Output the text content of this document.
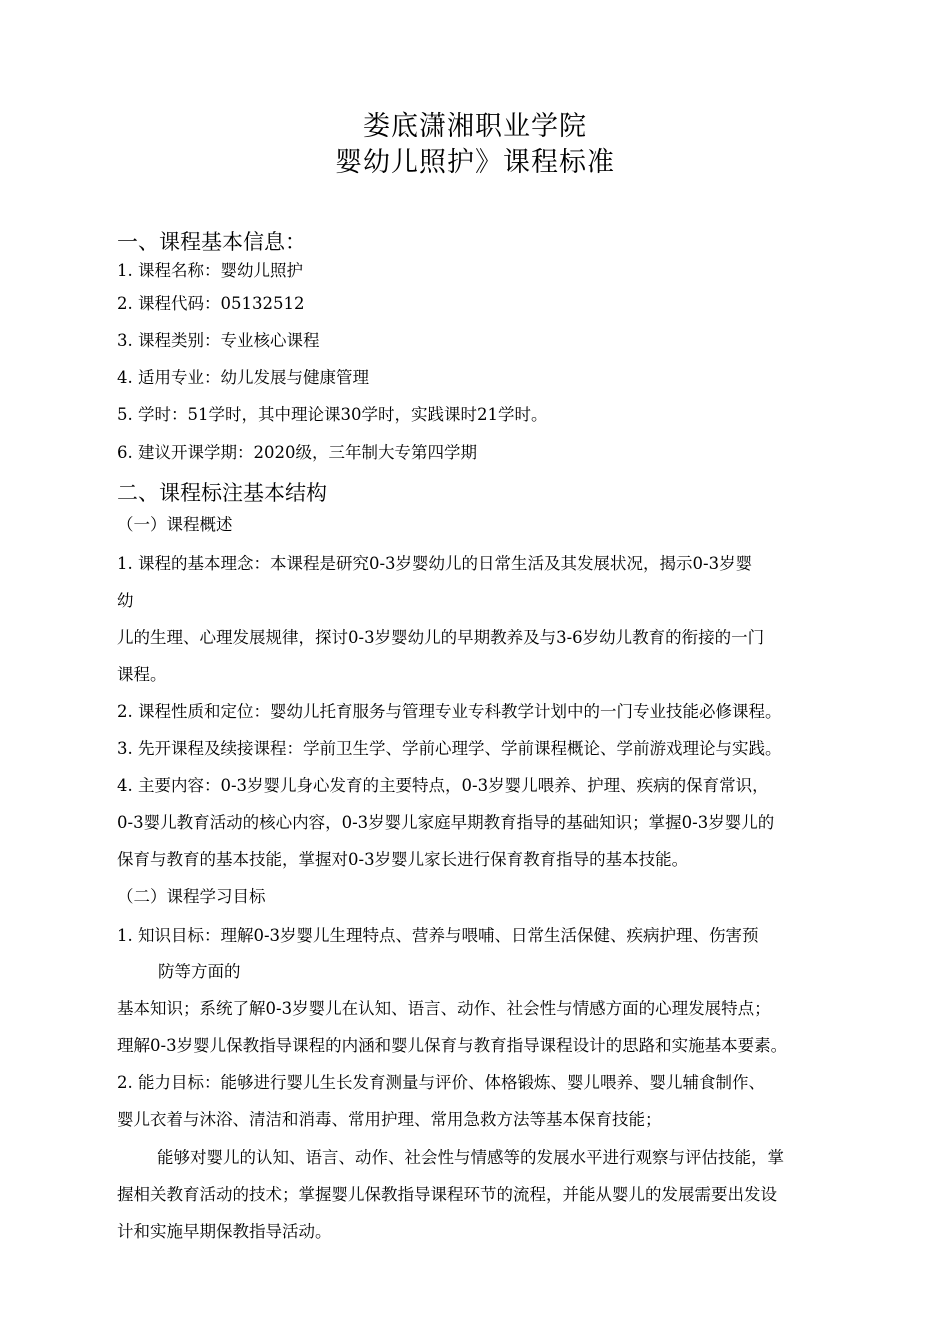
娄底潇湘职业学院
婴幼儿照护》课程标准
一、课程基本信息：
1. 课程名称：婴幼儿照护
2. 课程代码：05132512
3. 课程类别：专业核心课程
4. 适用专业：幼儿发展与健康管理
5. 学时：51学时，其中理论课30学时，实践课时21学时。
6. 建议开课学期：2020级，三年制大专第四学期
二、课程标注基本结构
（一）课程概述
1. 课程的基本理念：本课程是研究0-3岁婴幼儿的日常生活及其发展状况，揭示0-3岁婴
幼
儿的生理、心理发展规律，探讨0-3岁婴幼儿的早期教养及与3-6岁幼儿教育的衔接的一门
课程。
2. 课程性质和定位：婴幼儿托育服务与管理专业专科教学计划中的一门专业技能必修课程。
3. 先开课程及续接课程：学前卫生学、学前心理学、学前课程概论、学前游戏理论与实践。
4. 主要内容：0-3岁婴儿身心发育的主要特点，0-3岁婴儿喂养、护理、疾病的保育常识，
0-3婴儿教育活动的核心内容，0-3岁婴儿家庭早期教育指导的基础知识；掌握0-3岁婴儿的
保育与教育的基本技能，掌握对0-3岁婴儿家长进行保育教育指导的基本技能。
（二）课程学习目标
1. 知识目标：理解0-3岁婴儿生理特点、营养与喂哺、日常生活保健、疾病护理、伤害预
防等方面的
基本知识；系统了解0-3岁婴儿在认知、语言、动作、社会性与情感方面的心理发展特点；
理解0-3岁婴儿保教指导课程的内涵和婴儿保育与教育指导课程设计的思路和实施基本要素。
2. 能力目标：能够进行婴儿生长发育测量与评价、体格锻炼、婴儿喂养、婴儿辅食制作、
婴儿衣着与沐浴、清洁和消毒、常用护理、常用急救方法等基本保育技能；
能够对婴儿的认知、语言、动作、社会性与情感等的发展水平进行观察与评估技能，掌
握相关教育活动的技术；掌握婴儿保教指导课程环节的流程，并能从婴儿的发展需要出发设
计和实施早期保教指导活动。
